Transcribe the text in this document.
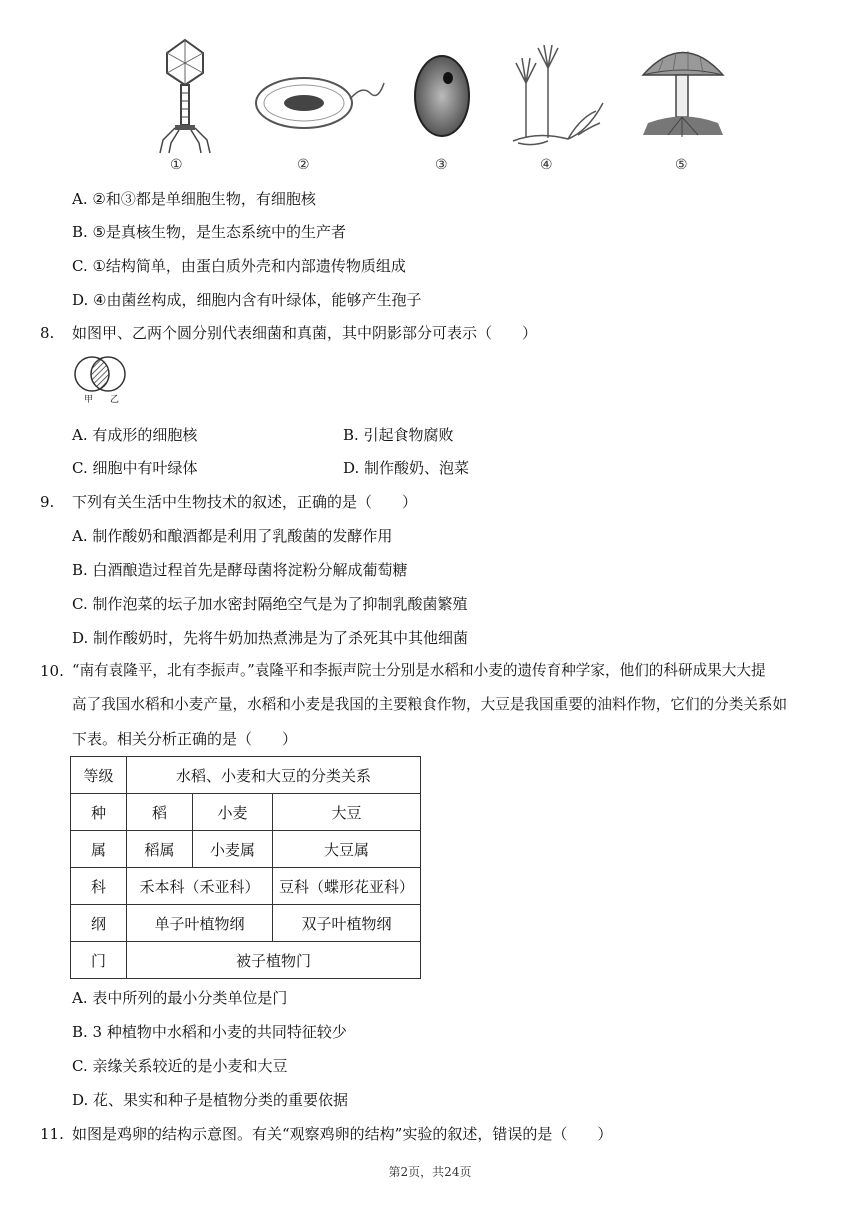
①	②	③	④	⑤
A. ②和③都是单细胞生物，有细胞核
B. ⑤是真核生物，是生态系统中的生产者
C. ①结构简单，由蛋白质外壳和内部遗传物质组成
D. ④由菌丝构成，细胞内含有叶绿体，能够产生孢子
8. 如图甲、乙两个圆分别代表细菌和真菌，其中阴影部分可表示（　　）
甲 乙
A. 有成形的细胞核	B. 引起食物腐败
C. 细胞中有叶绿体	D. 制作酸奶、泡菜
9. 下列有关生活中生物技术的叙述，正确的是（　　）
A. 制作酸奶和酿酒都是利用了乳酸菌的发酵作用
B. 白酒酿造过程首先是酵母菌将淀粉分解成葡萄糖
C. 制作泡菜的坛子加水密封隔绝空气是为了抑制乳酸菌繁殖
D. 制作酸奶时，先将牛奶加热煮沸是为了杀死其中其他细菌
10. “南有袁隆平，北有李振声。”袁隆平和李振声院士分别是水稻和小麦的遗传育种学家，他们的科研成果大大提
高了我国水稻和小麦产量，水稻和小麦是我国的主要粮食作物，大豆是我国重要的油料作物，它们的分类关系如
下表。相关分析正确的是（　　）
等级	水稻、小麦和大豆的分类关系		
种	稻	小麦	大豆
属	稻属	小麦属	大豆属
科	禾本科（禾亚科）		豆科（蝶形花亚科）
纲	单子叶植物纲		双子叶植物纲
门	被子植物门		
A. 表中所列的最小分类单位是门
B. 3 种植物中水稻和小麦的共同特征较少
C. 亲缘关系较近的是小麦和大豆
D. 花、果实和种子是植物分类的重要依据
11. 如图是鸡卵的结构示意图。有关“观察鸡卵的结构”实验的叙述，错误的是（　　）
第2页，共24页
